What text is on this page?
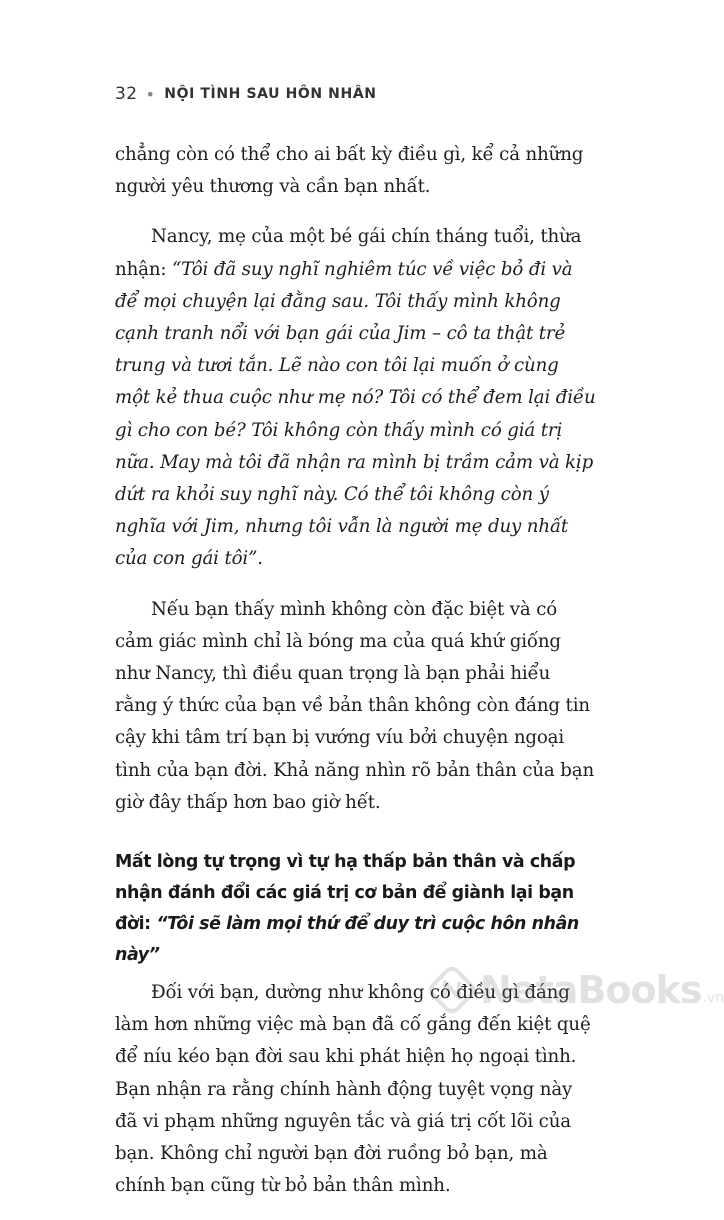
32 • NỘI TÌNH SAU HÔN NHÂN

chẳng còn có thể cho ai bất kỳ điều gì, kể cả những người yêu thương và cần bạn nhất.

Nancy, mẹ của một bé gái chín tháng tuổi, thừa nhận: “Tôi đã suy nghĩ nghiêm túc về việc bỏ đi và để mọi chuyện lại đằng sau. Tôi thấy mình không cạnh tranh nổi với bạn gái của Jim – cô ta thật trẻ trung và tươi tắn. Lẽ nào con tôi lại muốn ở cùng một kẻ thua cuộc như mẹ nó? Tôi có thể đem lại điều gì cho con bé? Tôi không còn thấy mình có giá trị nữa. May mà tôi đã nhận ra mình bị trầm cảm và kịp dứt ra khỏi suy nghĩ này. Có thể tôi không còn ý nghĩa với Jim, nhưng tôi vẫn là người mẹ duy nhất của con gái tôi”.

Nếu bạn thấy mình không còn đặc biệt và có cảm giác mình chỉ là bóng ma của quá khứ giống như Nancy, thì điều quan trọng là bạn phải hiểu rằng ý thức của bạn về bản thân không còn đáng tin cậy khi tâm trí bạn bị vướng víu bởi chuyện ngoại tình của bạn đời. Khả năng nhìn rõ bản thân của bạn giờ đây thấp hơn bao giờ hết.

Mất lòng tự trọng vì tự hạ thấp bản thân và chấp nhận đánh đổi các giá trị cơ bản để giành lại bạn đời: “Tôi sẽ làm mọi thứ để duy trì cuộc hôn nhân này”

Đối với bạn, dường như không có điều gì đáng làm hơn những việc mà bạn đã cố gắng đến kiệt quệ để níu kéo bạn đời sau khi phát hiện họ ngoại tình. Bạn nhận ra rằng chính hành động tuyệt vọng này đã vi phạm những nguyên tắc và giá trị cốt lõi của bạn. Không chỉ người bạn đời ruồng bỏ bạn, mà chính bạn cũng từ bỏ bản thân mình.

NetaBooks .vn
